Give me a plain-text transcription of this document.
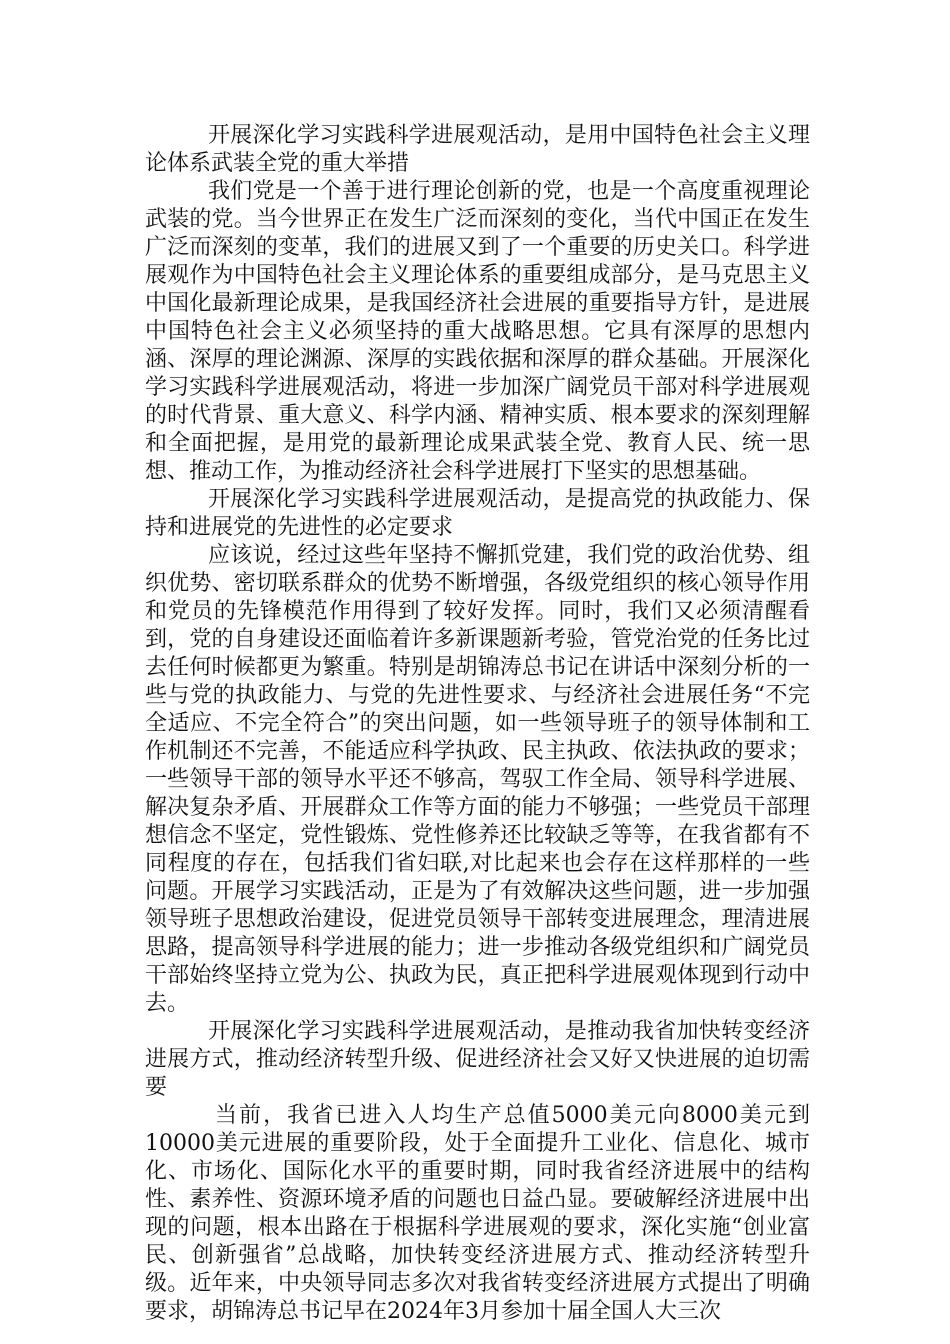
开展深化学习实践科学进展观活动，是用中国特色社会主义理论体系武装全党的重大举措

我们党是一个善于进行理论创新的党，也是一个高度重视理论武装的党。当今世界正在发生广泛而深刻的变化，当代中国正在发生广泛而深刻的变革，我们的进展又到了一个重要的历史关口。科学进展观作为中国特色社会主义理论体系的重要组成部分，是马克思主义中国化最新理论成果，是我国经济社会进展的重要指导方针，是进展中国特色社会主义必须坚持的重大战略思想。它具有深厚的思想内涵、深厚的理论渊源、深厚的实践依据和深厚的群众基础。开展深化学习实践科学进展观活动，将进一步加深广阔党员干部对科学进展观的时代背景、重大意义、科学内涵、精神实质、根本要求的深刻理解和全面把握，是用党的最新理论成果武装全党、教育人民、统一思想、推动工作，为推动经济社会科学进展打下坚实的思想基础。

开展深化学习实践科学进展观活动，是提高党的执政能力、保持和进展党的先进性的必定要求

应该说，经过这些年坚持不懈抓党建，我们党的政治优势、组织优势、密切联系群众的优势不断增强，各级党组织的核心领导作用和党员的先锋模范作用得到了较好发挥。同时，我们又必须清醒看到，党的自身建设还面临着许多新课题新考验，管党治党的任务比过去任何时候都更为繁重。特别是胡锦涛总书记在讲话中深刻分析的一些与党的执政能力、与党的先进性要求、与经济社会进展任务“不完全适应、不完全符合”的突出问题，如一些领导班子的领导体制和工作机制还不完善，不能适应科学执政、民主执政、依法执政的要求；一些领导干部的领导水平还不够高，驾驭工作全局、领导科学进展、解决复杂矛盾、开展群众工作等方面的能力不够强；一些党员干部理想信念不坚定，党性锻炼、党性修养还比较缺乏等等，在我省都有不同程度的存在，包括我们省妇联,对比起来也会存在这样那样的一些问题。开展学习实践活动，正是为了有效解决这些问题，进一步加强领导班子思想政治建设，促进党员领导干部转变进展理念，理清进展思路，提高领导科学进展的能力；进一步推动各级党组织和广阔党员干部始终坚持立党为公、执政为民，真正把科学进展观体现到行动中去。

开展深化学习实践科学进展观活动，是推动我省加快转变经济进展方式，推动经济转型升级、促进经济社会又好又快进展的迫切需要

当前，我省已进入人均生产总值5000美元向8000美元到10000美元进展的重要阶段，处于全面提升工业化、信息化、城市化、市场化、国际化水平的重要时期，同时我省经济进展中的结构性、素养性、资源环境矛盾的问题也日益凸显。要破解经济进展中出现的问题，根本出路在于根据科学进展观的要求，深化实施“创业富民、创新强省”总战略，加快转变经济进展方式、推动经济转型升级。近年来，中央领导同志多次对我省转变经济进展方式提出了明确要求，胡锦涛总书记早在2024年3月参加十届全国人大三次
